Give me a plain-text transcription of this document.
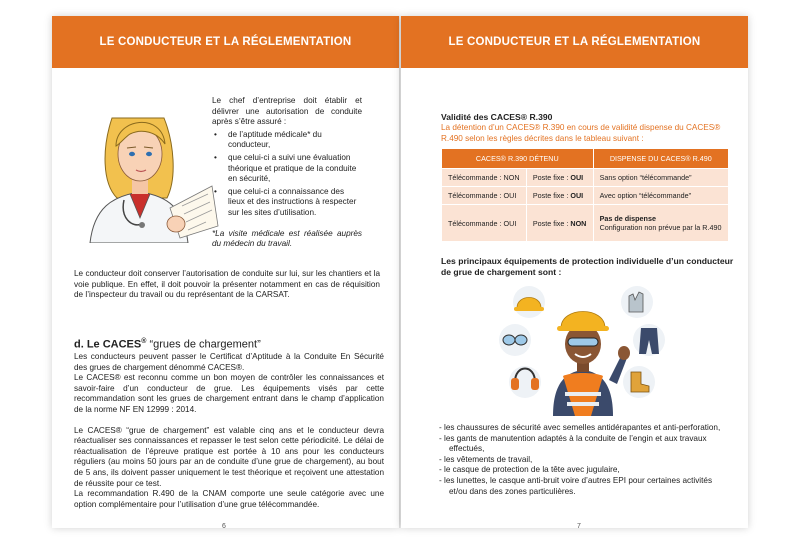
LE CONDUCTEUR ET LA RÉGLEMENTATION

Le chef d’entreprise doit établir et délivrer une autorisation de conduite après s’être assuré :

• de l’aptitude médicale* du conducteur,
• que celui-ci a suivi une évaluation théorique et pratique de la conduite en sécurité,
• que celui-ci a connaissance des lieux et des instructions à respecter sur les sites d’utilisation.

*La visite médicale est réalisée auprès du médecin du travail.

Le conducteur doit conserver l’autorisation de conduite sur lui, sur les chantiers et la voie publique. En effet, il doit pouvoir la présenter notamment en cas de réquisition de l’inspecteur du travail ou du représentant de la CARSAT.

d. Le CACES® “grues de chargement”

Les conducteurs peuvent passer le Certificat d’Aptitude à la Conduite En Sécurité des grues de chargement dénommé CACES®.

Le CACES® est reconnu comme un bon moyen de contrôler les connaissances et savoir-faire d’un conducteur de grue. Les équipements visés par cette recommandation sont les grues de chargement entrant dans le champ d’application de la norme NF EN 12999 : 2014.

Le CACES® “grue de chargement” est valable cinq ans et le conducteur devra réactualiser ses connaissances et repasser le test selon cette périodicité. Le délai de réactualisation de l’épreuve pratique est portée à 10 ans pour les conducteurs réguliers (au moins 50 jours par an de conduite d’une grue de chargement), au bout de 5 ans, ils doivent passer uniquement le test théorique et reçoivent une attestation de réussite pour ce test.

La recommandation R.490 de la CNAM comporte une seule catégorie avec une option complémentaire pour l’utilisation d’une grue télécommandée.

6
LE CONDUCTEUR ET LA RÉGLEMENTATION
Validité des CACES® R.390

La détention d’un CACES® R.390 en cours de validité dispense du CACES® R.490 selon les règles décrites dans le tableau suivant :

CACES® R.390 DÉTENU		DISPENSE DU CACES® R.490
Télécommande : NON	Poste fixe : OUI	Sans option “télécommande”
Télécommande : OUI	Poste fixe : OUI	Avec option “télécommande”
Télécommande : OUI	Poste fixe : NON	Pas de dispense
Configuration non prévue par la R.490
Les principaux équipements de protection individuelle d’un conducteur de grue de chargement sont :
- les chaussures de sécurité avec semelles antidérapantes et anti-perforation,
- les gants de manutention adaptés à la conduite de l’engin et aux travaux effectués,
- les vêtements de travail,
- le casque de protection de la tête avec jugulaire,
- les lunettes, le casque anti-bruit voire d’autres EPI pour certaines activités et/ou dans des zones particulières.
7
